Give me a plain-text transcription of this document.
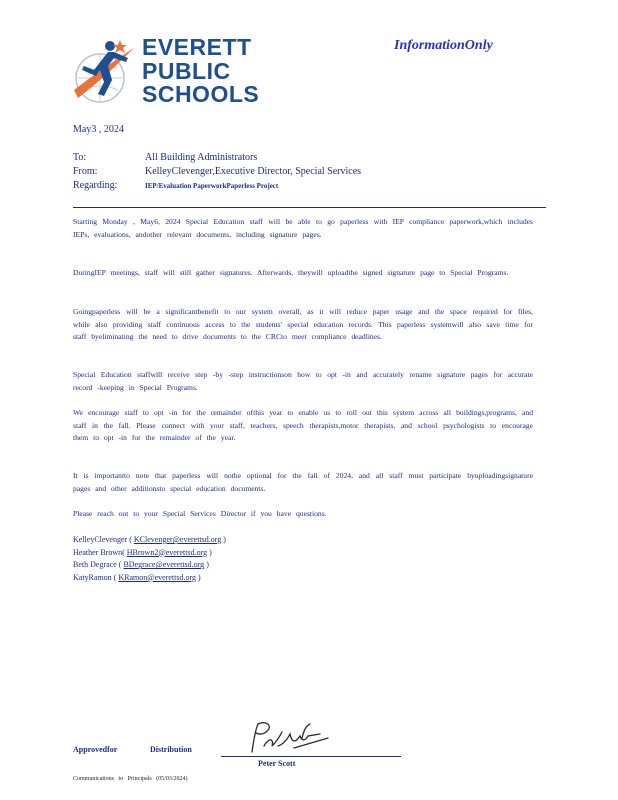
EVERETT
PUBLIC
SCHOOLS
InformationOnly
May3 , 2024
To:	All Building Administrators
From:	KelleyClevenger,Executive Director, Special Services
Regarding:	IEP/Evaluation PaperworkPaperless Project
Starting Monday , May6, 2024 Special Education staff will be able to go paperless with IEP compliance paperwork,which includes IEPs, evaluations, andother relevant documents, including signature pages.
DuringIEP meetings, staff will still gather signatures. Afterwards, theywill uploadthe signed signature page to Special Programs.
Goingpaperless will be a significantbenefit to our system overall, as it will reduce paper usage and the space required for files, while also providing staff continuous access to the students' special education records. This paperless systemwill also save time for staff byeliminating the need to drive documents to the CRCto meet compliance deadlines.
Special Education staffwill receive step -by -step instructionson how to opt -in and accurately rename signature pages for accurate record -keeping in Special Programs.
We encourage staff to opt -in for the remainder ofthis year to enable us to roll out this system across all buildings,programs, and staff in the fall. Please connect with your staff, teachers, speech therapists,motor therapists, and school psychologists to encourage them to opt -in for the remainder of the year.
It is importantto note that paperless will nothe optional for the fall of 2024, and all staff must participate byuploadingsignature pages and other additionsto special education documents.
Please reach out to your Special Services Director if you have questions.
KelleyClevenger ( KClevenger@everettsd.org )
Heather Brown( HBrown2@everettsd.org )
Beth Degrace ( BDegrace@everettsd.org )
KatyRamon ( KRamon@everettsd.org )
Approvedfor	Distribution
Peter Scott
Communications to Principals (05/03/2024)
